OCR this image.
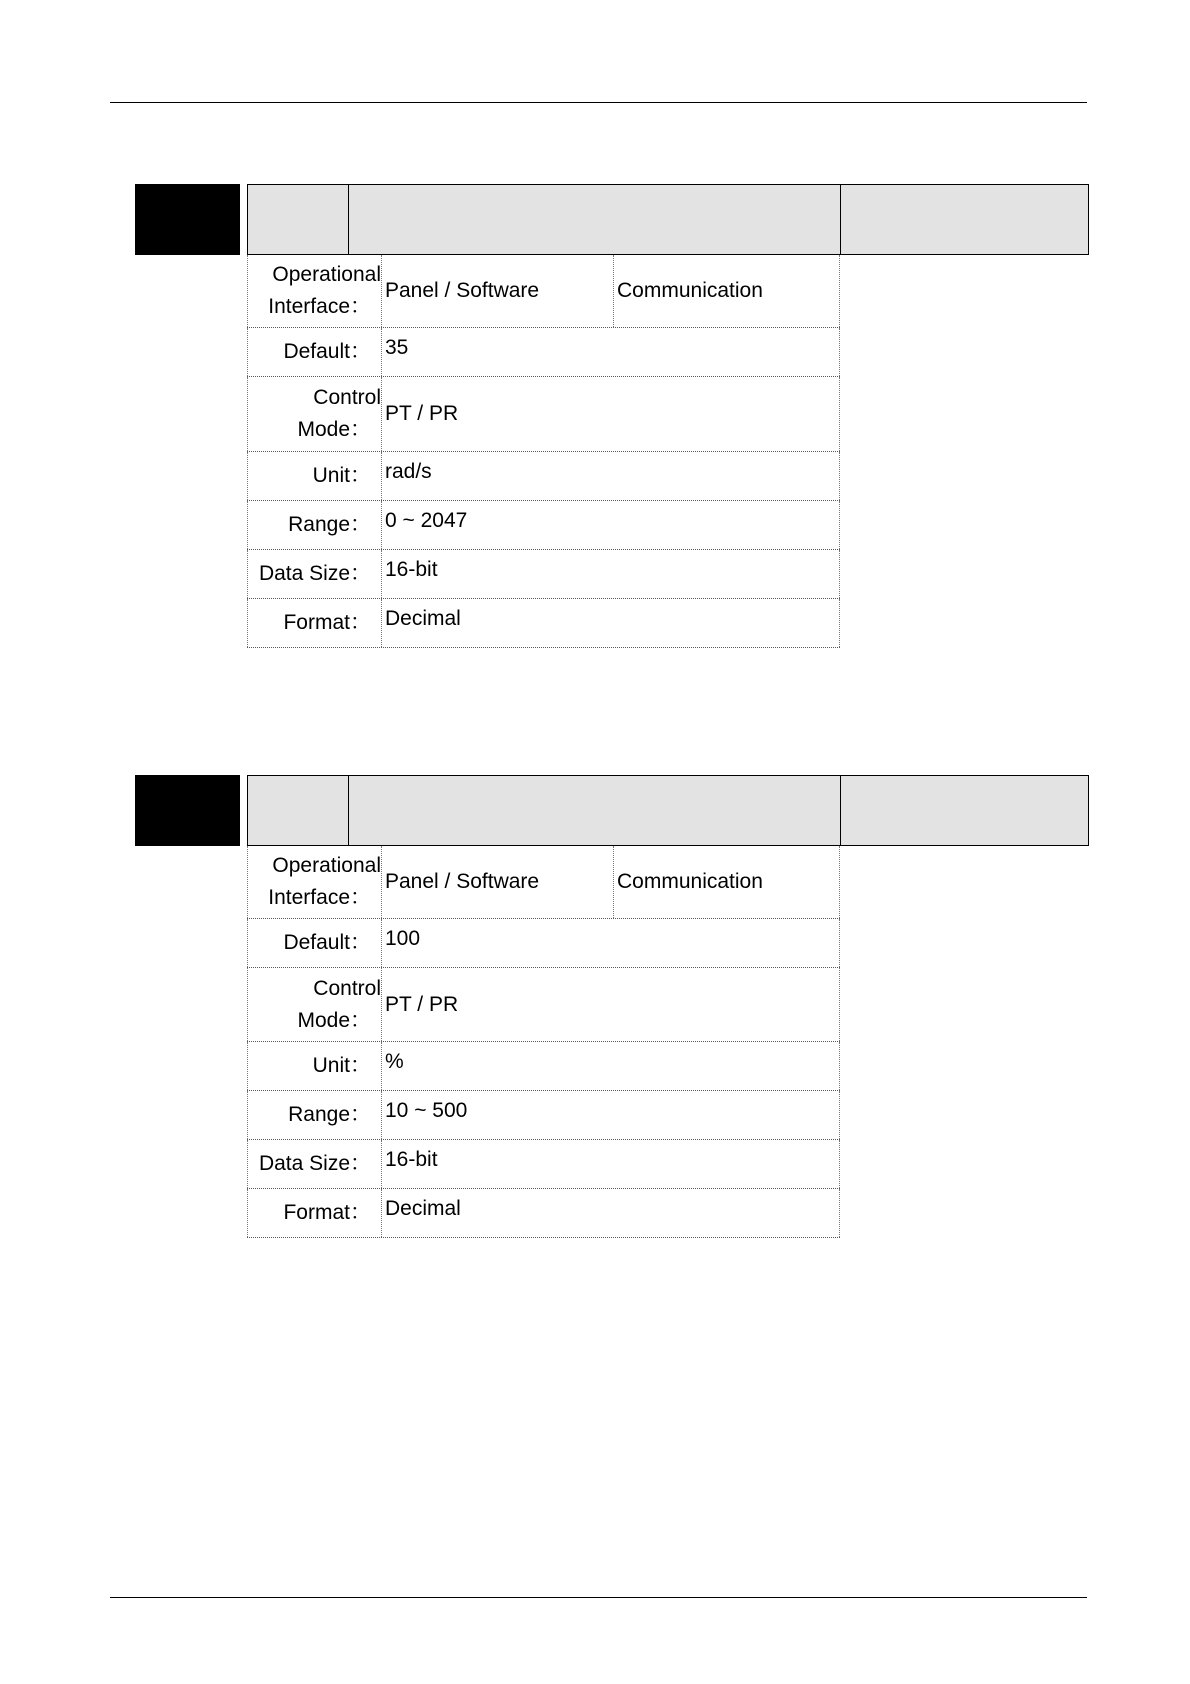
Operational
Interface：
Panel / Software	Communication
Default： 35
Control
Mode：
PT / PR
Unit： rad/s
Range： 0 ~ 2047
Data Size： 16-bit
Format： Decimal
Operational
Interface：
Panel / Software	Communication
Default： 100
Control
Mode：
PT / PR
Unit： %
Range： 10 ~ 500
Data Size： 16-bit
Format： Decimal
